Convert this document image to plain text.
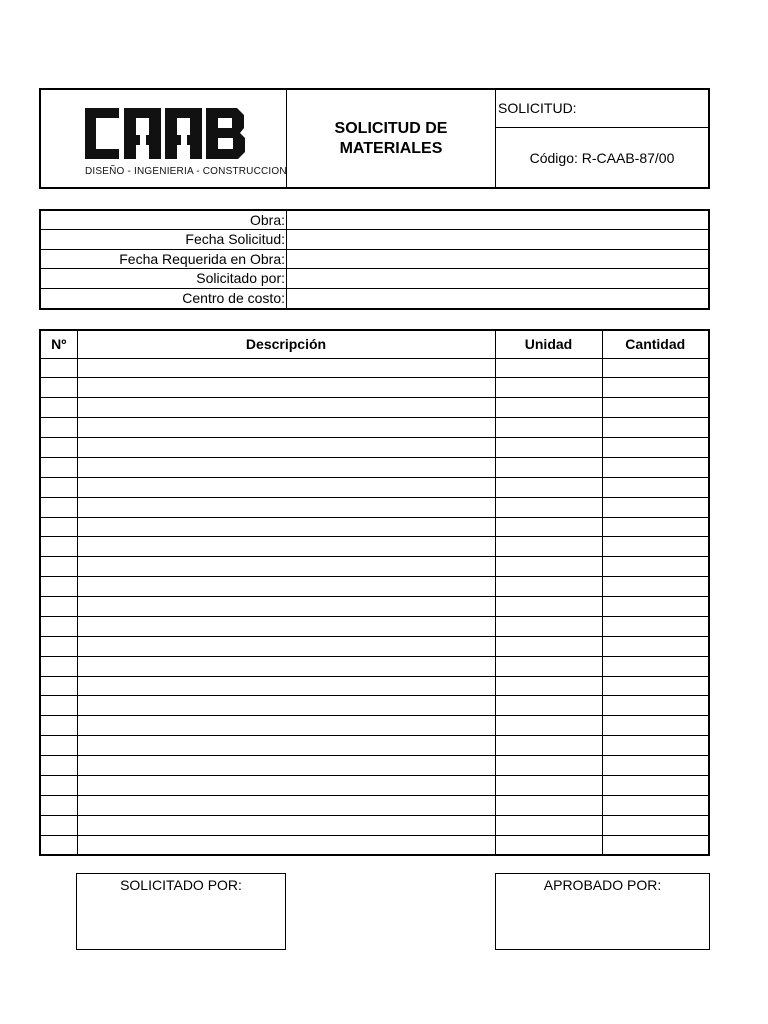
DISEÑO - INGENIERIA - CONSTRUCCION
SOLICITUD DE
MATERIALES
SOLICITUD:
Código: R-CAAB-87/00
Obra:
Fecha Solicitud:
Fecha Requerida en Obra:
Solicitado por:
Centro de costo:
Nº	Descripción	Unidad	Cantidad

SOLICITADO POR:	APROBADO POR:
